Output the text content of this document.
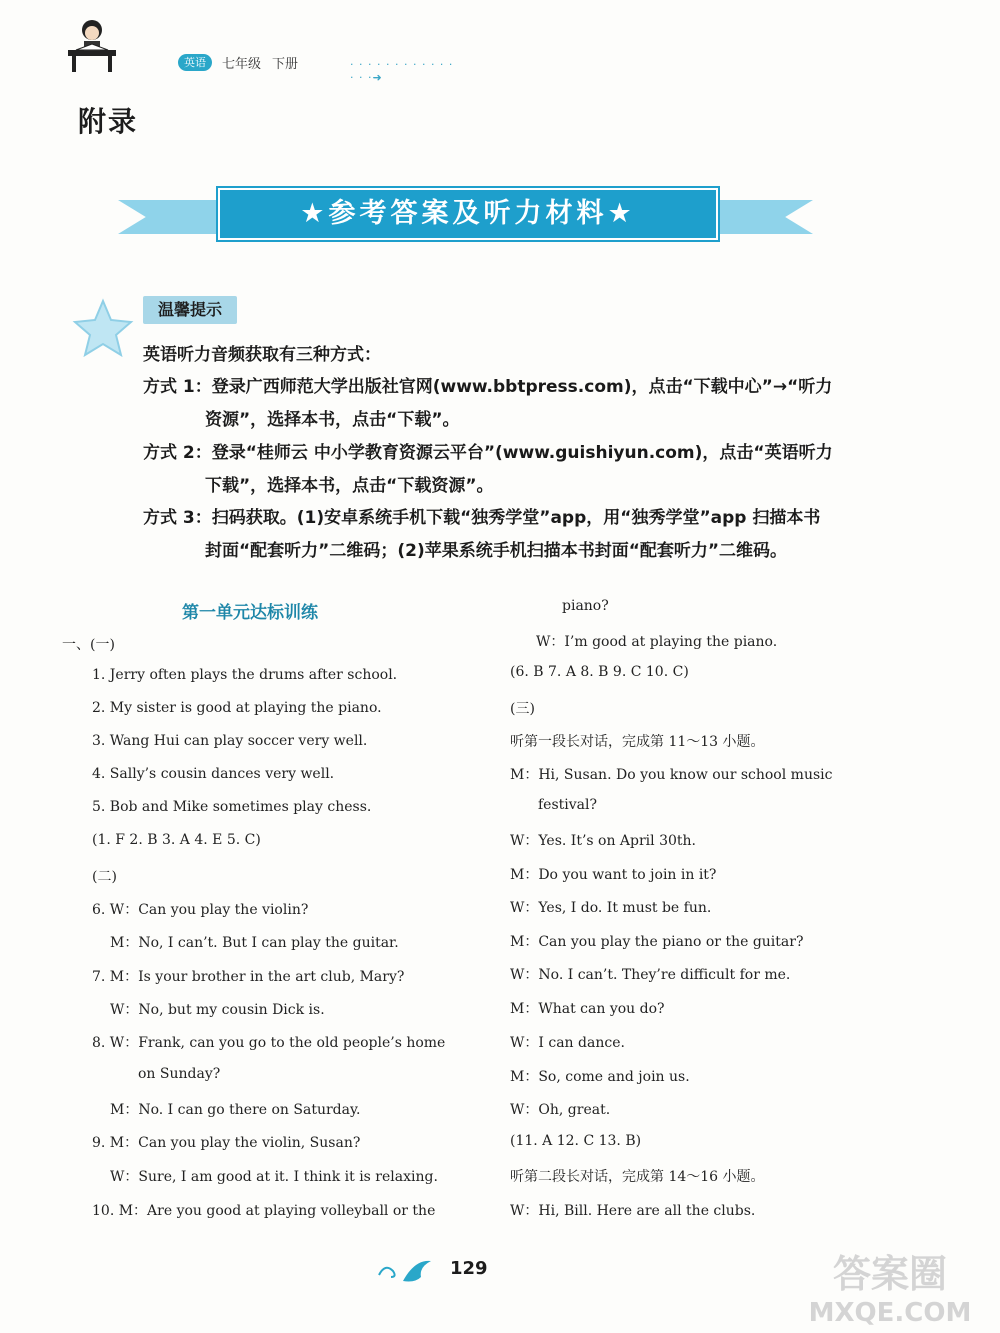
英语	七年级 下册	· · · · · · · · · · · · · · ·➜
附录
★参考答案及听力材料★
温馨提示
英语听力音频获取有三种方式：
方式 1：登录广西师范大学出版社官网(www.bbtpress.com)，点击“下载中心”→“听力
资源”，选择本书，点击“下载”。
方式 2：登录“桂师云 中小学教育资源云平台”(www.guishiyun.com)，点击“英语听力
下载”，选择本书，点击“下载资源”。
方式 3：扫码获取。(1)安卓系统手机下载“独秀学堂”app，用“独秀学堂”app 扫描本书
封面“配套听力”二维码；(2)苹果系统手机扫描本书封面“配套听力”二维码。
第一单元达标训练
一、(一)
1. Jerry often plays the drums after school.
2. My sister is good at playing the piano.
3. Wang Hui can play soccer very well.
4. Sally’s cousin dances very well.
5. Bob and Mike sometimes play chess.
(1. F 2. B 3. A 4. E 5. C)
(二)
6. W：Can you play the violin?
M：No, I can’t. But I can play the guitar.
7. M：Is your brother in the art club, Mary?
W：No, but my cousin Dick is.
8. W：Frank, can you go to the old people’s home
on Sunday?
M：No. I can go there on Saturday.
9. M：Can you play the violin, Susan?
W：Sure, I am good at it. I think it is relaxing.
10. M：Are you good at playing volleyball or the
piano?
W：I’m good at playing the piano.
(6. B 7. A 8. B 9. C 10. C)
(三)
听第一段长对话，完成第 11～13 小题。
M：Hi, Susan. Do you know our school music
festival?
W：Yes. It’s on April 30th.
M：Do you want to join in it?
W：Yes, I do. It must be fun.
M：Can you play the piano or the guitar?
W：No. I can’t. They’re difficult for me.
M：What can you do?
W：I can dance.
M：So, come and join us.
W：Oh, great.
(11. A 12. C 13. B)
听第二段长对话，完成第 14～16 小题。
W：Hi, Bill. Here are all the clubs.
129	答案圈
MXQE.COM
